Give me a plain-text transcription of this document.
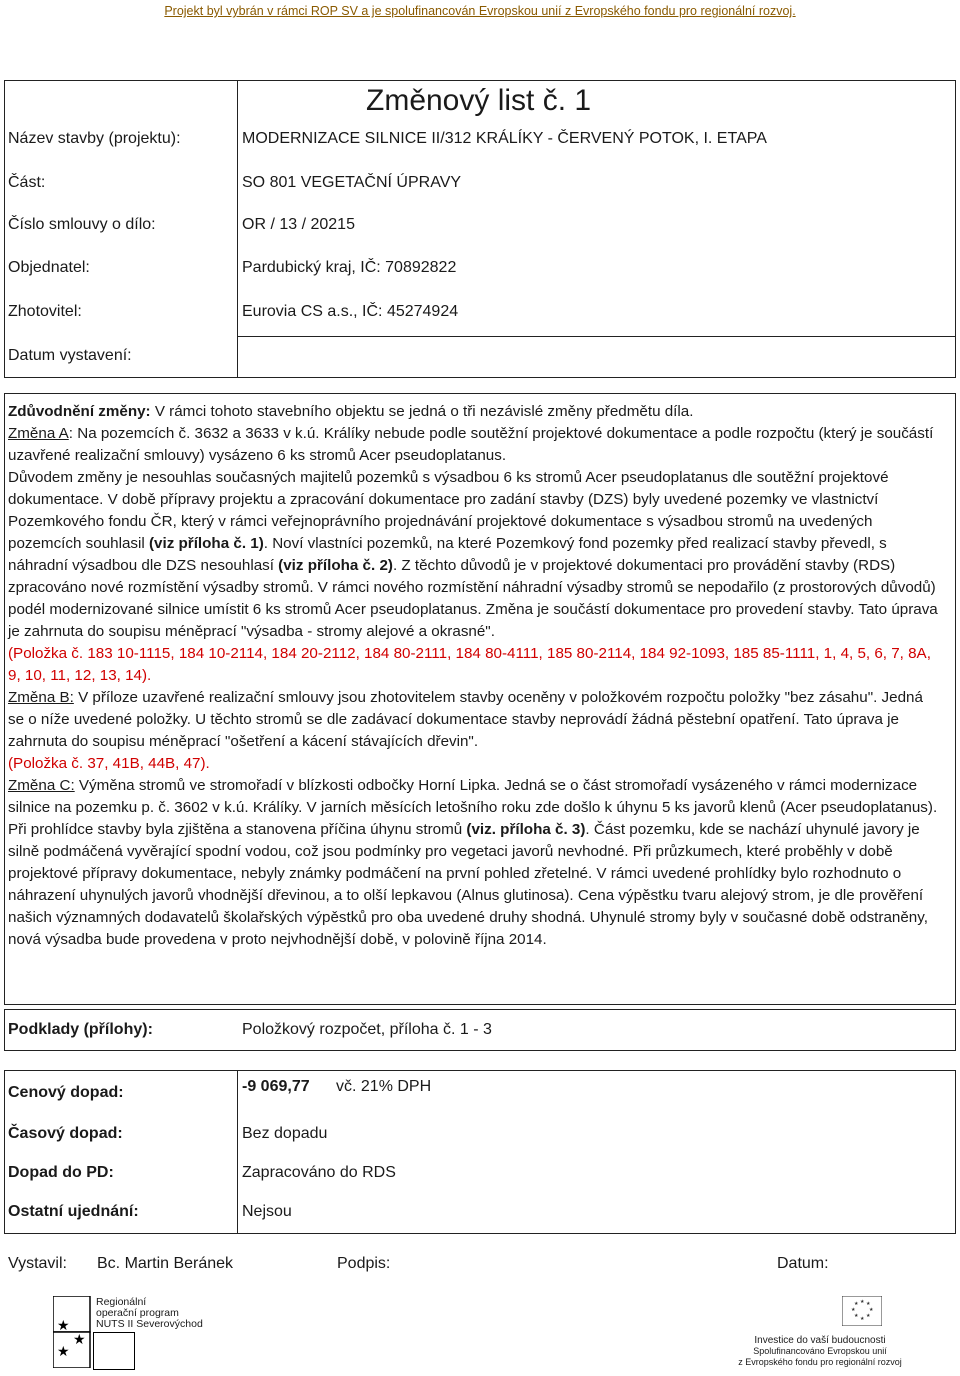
Projekt byl vybrán v rámci ROP SV a je spolufinancován Evropskou unií z Evropského fondu pro regionální rozvoj.
Změnový list č. 1
Název stavby (projektu):	MODERNIZACE SILNICE II/312 KRÁLÍKY - ČERVENÝ POTOK, I. ETAPA
Část:	SO 801 VEGETAČNÍ ÚPRAVY
Číslo smlouvy o dílo:	OR / 13 / 20215
Objednatel:	Pardubický kraj, IČ: 70892822
Zhotovitel:	Eurovia CS a.s., IČ: 45274924
Datum vystavení:

Zdůvodnění změny: V rámci tohoto stavebního objektu se jedná o tři nezávislé změny předmětu díla.

Změna A: Na pozemcích č. 3632 a 3633 v k.ú. Králíky nebude podle soutěžní projektové dokumentace a podle rozpočtu (který je součástí uzavřené realizační smlouvy) vysázeno 6 ks stromů Acer pseudoplatanus.

Důvodem změny je nesouhlas současných majitelů pozemků s výsadbou 6 ks stromů Acer pseudoplatanus dle soutěžní projektové dokumentace. V době přípravy projektu a zpracování dokumentace pro zadání stavby (DZS) byly uvedené pozemky ve vlastnictví Pozemkového fondu ČR, který v rámci veřejnoprávního projednávání projektové dokumentace s výsadbou stromů na uvedených pozemcích souhlasil (viz příloha č. 1). Noví vlastníci pozemků, na které Pozemkový fond pozemky před realizací stavby převedl, s náhradní výsadbou dle DZS nesouhlasí (viz příloha č. 2). Z těchto důvodů je v projektové dokumentaci pro provádění stavby (RDS) zpracováno nové rozmístění výsadby stromů. V rámci nového rozmístění náhradní výsadby stromů se nepodařilo (z prostorových důvodů) podél modernizované silnice umístit 6 ks stromů Acer pseudoplatanus. Změna je součástí dokumentace pro provedení stavby. Tato úprava je zahrnuta do soupisu méněprací "výsadba - stromy alejové a okrasné".

(Položka č. 183 10-1115, 184 10-2114, 184 20-2112, 184 80-2111, 184 80-4111, 185 80-2114, 184 92-1093, 185 85-1111, 1, 4, 5, 6, 7, 8A, 9, 10, 11, 12, 13, 14).

Změna B: V příloze uzavřené realizační smlouvy jsou zhotovitelem stavby oceněny v položkovém rozpočtu položky "bez zásahu". Jedná se o níže uvedené položky. U těchto stromů se dle zadávací dokumentace stavby neprovádí žádná pěstební opatření. Tato úprava je zahrnuta do soupisu méněprací "ošetření a kácení stávajících dřevin".

(Položka č. 37, 41B, 44B, 47).

Změna C: Výměna stromů ve stromořadí v blízkosti odbočky Horní Lipka. Jedná se o část stromořadí vysázeného v rámci modernizace silnice na pozemku p. č. 3602 v k.ú. Králíky. V jarních měsících letošního roku zde došlo k úhynu 5 ks javorů klenů (Acer pseudoplatanus). Při prohlídce stavby byla zjištěna a stanovena příčina úhynu stromů (viz. příloha č. 3). Část pozemku, kde se nachází uhynulé javory je silně podmáčená vyvěrající spodní vodou, což jsou podmínky pro vegetaci javorů nevhodné. Při průzkumech, které proběhly v době projektové přípravy dokumentace, nebyly známky podmáčení na první pohled zřetelné. V rámci uvedené prohlídky bylo rozhodnuto o náhrazení uhynulých javorů vhodnější dřevinou, a to olší lepkavou (Alnus glutinosa). Cena výpěstku tvaru alejový strom, je dle prověření našich významných dodavatelů školařských výpěstků pro oba uvedené druhy shodná. Uhynulé stromy byly v současné době odstraněny, nová výsadba bude provedena v proto nejvhodnější době, v polovině října 2014.

Podklady (přílohy):	Položkový rozpočet, příloha č. 1 - 3
Cenový dopad:	-9 069,77 vč. 21% DPH
Časový dopad:	Bez dopadu
Dopad do PD:	Zapracováno do RDS
Ostatní ujednání:	Nejsou
Vystavil: Bc. Martin Beránek	Podpis:	Datum:
★
★
★
Regionální
operační program
NUTS II Severovýchod
★ ★
★
★
★
★
★
★
Investice do vaší budoucnosti
Spolufinancováno Evropskou unií
z Evropského fondu pro regionální rozvoj
